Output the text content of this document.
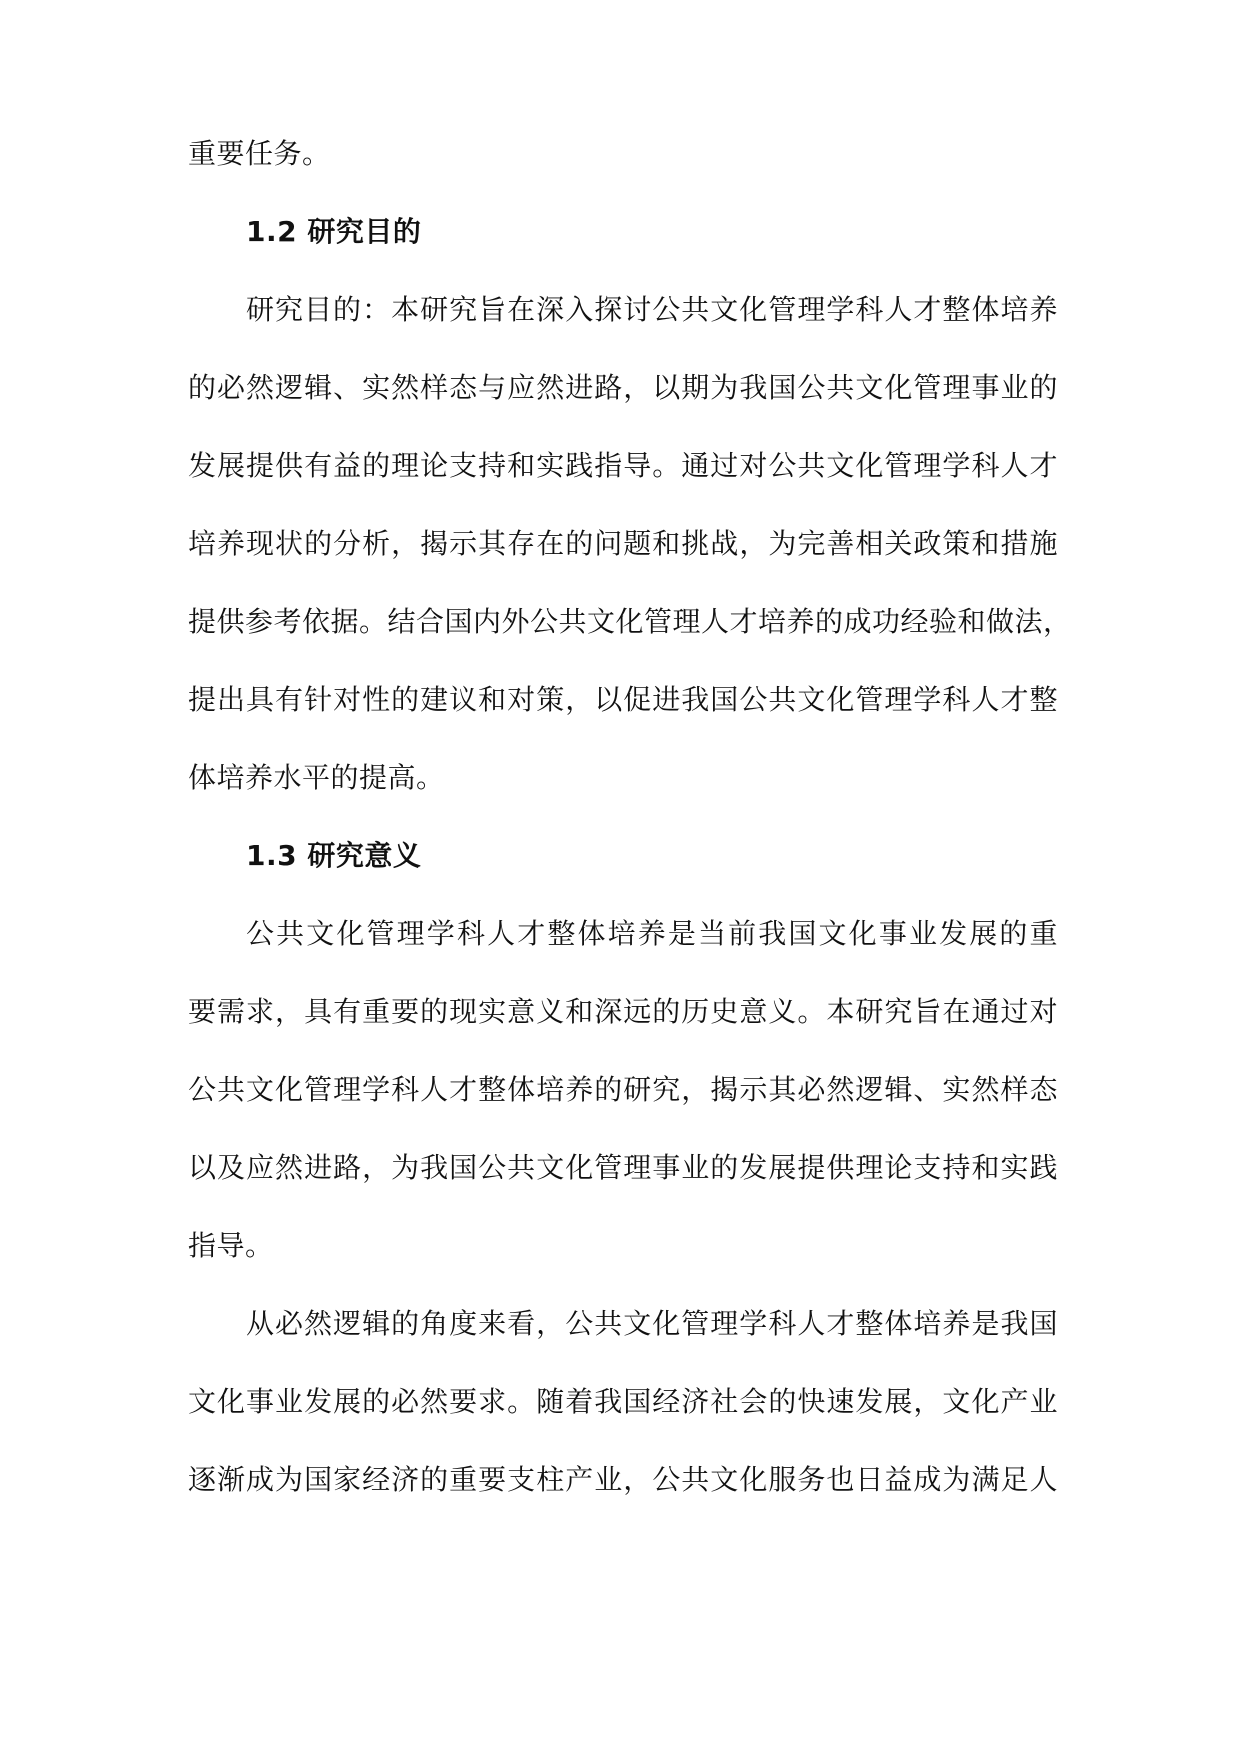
重要任务。
1.2 研究目的
研究目的：本研究旨在深入探讨公共文化管理学科人才整体培养
的必然逻辑、实然样态与应然进路，以期为我国公共文化管理事业的
发展提供有益的理论支持和实践指导。通过对公共文化管理学科人才
培养现状的分析，揭示其存在的问题和挑战，为完善相关政策和措施
提供参考依据。结合国内外公共文化管理人才培养的成功经验和做法，
提出具有针对性的建议和对策，以促进我国公共文化管理学科人才整
体培养水平的提高。
1.3 研究意义
公共文化管理学科人才整体培养是当前我国文化事业发展的重
要需求，具有重要的现实意义和深远的历史意义。本研究旨在通过对
公共文化管理学科人才整体培养的研究，揭示其必然逻辑、实然样态
以及应然进路，为我国公共文化管理事业的发展提供理论支持和实践
指导。
从必然逻辑的角度来看，公共文化管理学科人才整体培养是我国
文化事业发展的必然要求。随着我国经济社会的快速发展，文化产业
逐渐成为国家经济的重要支柱产业，公共文化服务也日益成为满足人
